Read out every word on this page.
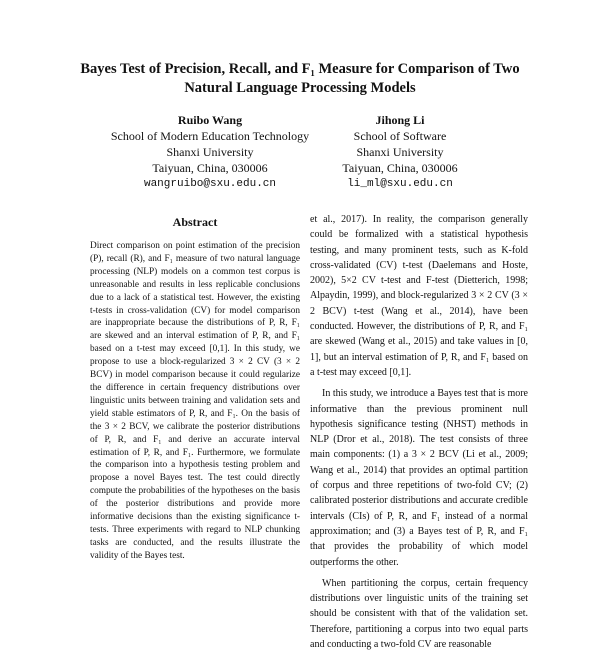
Bayes Test of Precision, Recall, and F₁ Measure for Comparison of Two
Natural Language Processing Models
Ruibo Wang
School of Modern Education Technology
Shanxi University
Taiyuan, China, 030006
wangruibo@sxu.edu.cn
Jihong Li
School of Software
Shanxi University
Taiyuan, China, 030006
li_ml@sxu.edu.cn
Abstract
Direct comparison on point estimation of the precision (P), recall (R), and F₁ measure of two natural language processing (NLP) models on a common test corpus is unreasonable and results in less replicable conclusions due to a lack of a statistical test. However, the existing t-tests in cross-validation (CV) for model comparison are inappropriate because the distributions of P, R, F₁ are skewed and an interval estimation of P, R, and F₁ based on a t-test may exceed [0,1]. In this study, we propose to use a block-regularized 3 × 2 CV (3 × 2 BCV) in model comparison because it could regularize the difference in certain frequency distributions over linguistic units between training and validation sets and yield stable estimators of P, R, and F₁. On the basis of the 3 × 2 BCV, we calibrate the posterior distributions of P, R, and F₁ and derive an accurate interval estimation of P, R, and F₁. Furthermore, we formulate the comparison into a hypothesis testing problem and propose a novel Bayes test. The test could directly compute the probabilities of the hypotheses on the basis of the posterior distributions and provide more informative decisions than the existing significance t-tests. Three experiments with regard to NLP chunking tasks are conducted, and the results illustrate the validity of the Bayes test.

et al., 2017). In reality, the comparison generally could be formalized with a statistical hypothesis testing, and many prominent tests, such as K-fold cross-validated (CV) t-test (Daelemans and Hoste, 2002), 5×2 CV t-test and F-test (Dietterich, 1998; Alpaydin, 1999), and block-regularized 3 × 2 CV (3 × 2 BCV) t-test (Wang et al., 2014), have been conducted. However, the distributions of P, R, and F₁ are skewed (Wang et al., 2015) and take values in [0, 1], but an interval estimation of P, R, and F₁ based on a t-test may exceed [0,1].

In this study, we introduce a Bayes test that is more informative than the previous prominent null hypothesis significance testing (NHST) methods in NLP (Dror et al., 2018). The test consists of three main components: (1) a 3 × 2 BCV (Li et al., 2009; Wang et al., 2014) that provides an optimal partition of corpus and three repetitions of two-fold CV; (2) calibrated posterior distributions and accurate credible intervals (CIs) of P, R, and F₁ instead of a normal approximation; and (3) a Bayes test of P, R, and F₁ that provides the probability of which model outperforms the other.

When partitioning the corpus, certain frequency distributions over linguistic units of the training set should be consistent with that of the validation set. Therefore, partitioning a corpus into two equal parts and conducting a two-fold CV are reasonable
